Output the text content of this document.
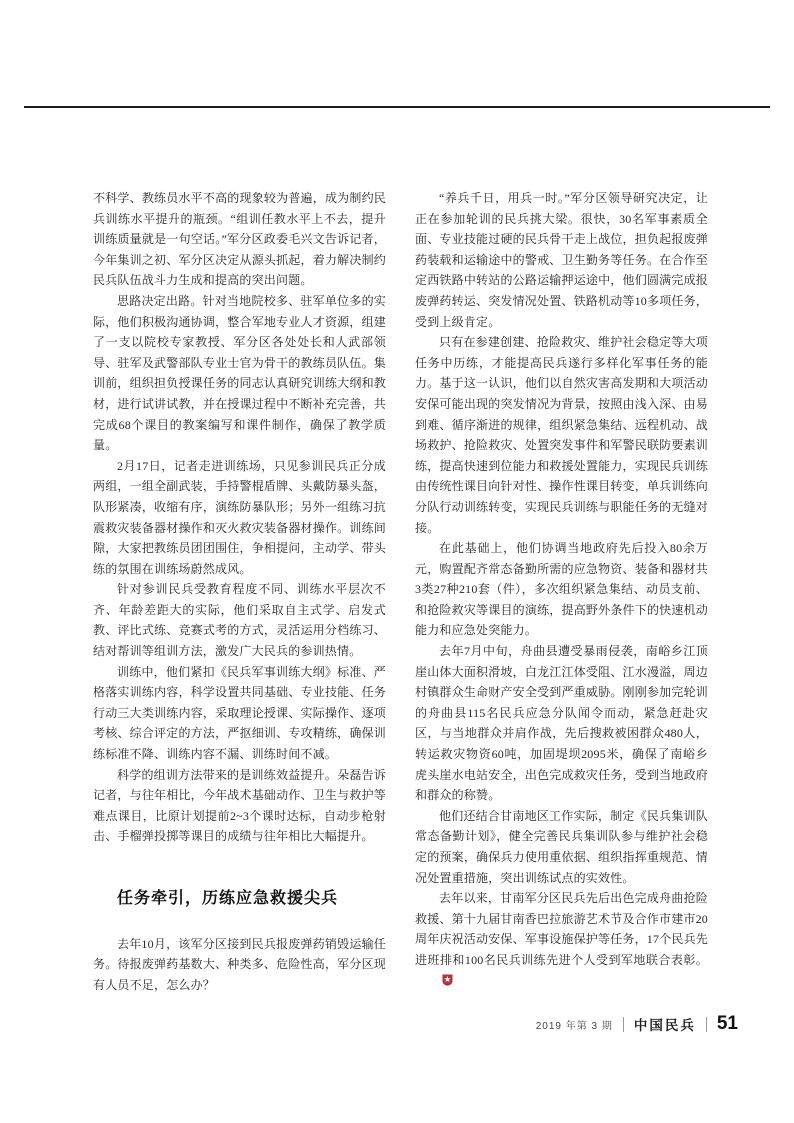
不科学、教练员水平不高的现象较为普遍，成为制约民兵训练水平提升的瓶颈。“组训任教水平上不去，提升训练质量就是一句空话。”军分区政委毛兴文告诉记者，今年集训之初、军分区决定从源头抓起，着力解决制约民兵队伍战斗力生成和提高的突出问题。

思路决定出路。针对当地院校多、驻军单位多的实际，他们积极沟通协调，整合军地专业人才资源，组建了一支以院校专家教授、军分区各处处长和人武部领导、驻军及武警部队专业士官为骨干的教练员队伍。集训前，组织担负授课任务的同志认真研究训练大纲和教材，进行试讲试教，并在授课过程中不断补充完善，共完成68个课目的教案编写和课件制作，确保了教学质量。

2月17日，记者走进训练场，只见参训民兵正分成两组，一组全副武装，手持警棍盾牌、头戴防暴头盔，队形紧凑，收缩有序，演练防暴队形；另外一组练习抗震救灾装备器材操作和灭火救灾装备器材操作。训练间隙，大家把教练员团团围住，争相提问，主动学、带头练的氛围在训练场蔚然成风。

针对参训民兵受教育程度不同、训练水平层次不齐、年龄差距大的实际，他们采取自主式学、启发式教、评比式练、竞赛式考的方式，灵活运用分档练习、结对帮训等组训方法，激发广大民兵的参训热情。

训练中，他们紧扣《民兵军事训练大纲》标准、严格落实训练内容，科学设置共同基础、专业技能、任务行动三大类训练内容，采取理论授课、实际操作、逐项考核、综合评定的方法，严抠细训、专攻精练，确保训练标准不降、训练内容不漏、训练时间不减。

科学的组训方法带来的是训练效益提升。朵磊告诉记者，与往年相比，今年战术基础动作、卫生与救护等难点课目，比原计划提前2~3个课时达标，自动步枪射击、手榴弹投掷等课目的成绩与往年相比大幅提升。

任务牵引，历练应急救援尖兵

去年10月，该军分区接到民兵报废弹药销毁运输任务。待报废弹药基数大、种类多、危险性高，军分区现有人员不足，怎么办？

“养兵千日，用兵一时。”军分区领导研究决定，让正在参加轮训的民兵挑大梁。很快，30名军事素质全面、专业技能过硬的民兵骨干走上战位，担负起报废弹药装载和运输途中的警戒、卫生勤务等任务。在合作至定西铁路中转站的公路运输押运途中，他们圆满完成报废弹药转运、突发情况处置、铁路机动等10多项任务，受到上级肯定。

只有在参建创建、抢险救灾、维护社会稳定等大项任务中历练，才能提高民兵遂行多样化军事任务的能力。基于这一认识，他们以自然灾害高发期和大项活动安保可能出现的突发情况为背景，按照由浅入深、由易到难、循序渐进的规律，组织紧急集结、远程机动、战场救护、抢险救灾、处置突发事件和军警民联防要素训练，提高快速到位能力和救援处置能力，实现民兵训练由传统性课目向针对性、操作性课目转变，单兵训练向分队行动训练转变，实现民兵训练与职能任务的无缝对接。

在此基础上，他们协调当地政府先后投入80余万元，购置配齐常态备勤所需的应急物资、装备和器材共3类27种210套（件），多次组织紧急集结、动员支前、和抢险救灾等课目的演练，提高野外条件下的快速机动能力和应急处突能力。

去年7月中旬，舟曲县遭受暴雨侵袭，南峪乡江顶崖山体大面积滑坡，白龙江江体受阻、江水漫溢，周边村镇群众生命财产安全受到严重威胁。刚刚参加完轮训的舟曲县115名民兵应急分队闻令而动，紧急赶赴灾区，与当地群众并肩作战，先后搜救被困群众480人，转运救灾物资60吨，加固堤坝2095米，确保了南峪乡虎头崖水电站安全，出色完成救灾任务，受到当地政府和群众的称赞。

他们还结合甘南地区工作实际，制定《民兵集训队常态备勤计划》，健全完善民兵集训队参与维护社会稳定的预案，确保兵力使用重依据、组织指挥重规范、情况处置重措施，突出训练试点的实效性。

去年以来，甘南军分区民兵先后出色完成舟曲抢险救援、第十九届甘南香巴拉旅游艺术节及合作市建市20周年庆祝活动安保、军事设施保护等任务，17个民兵先进班排和100名民兵训练先进个人受到军地联合表彰。

2019 年第 3 期 中国民兵 51
